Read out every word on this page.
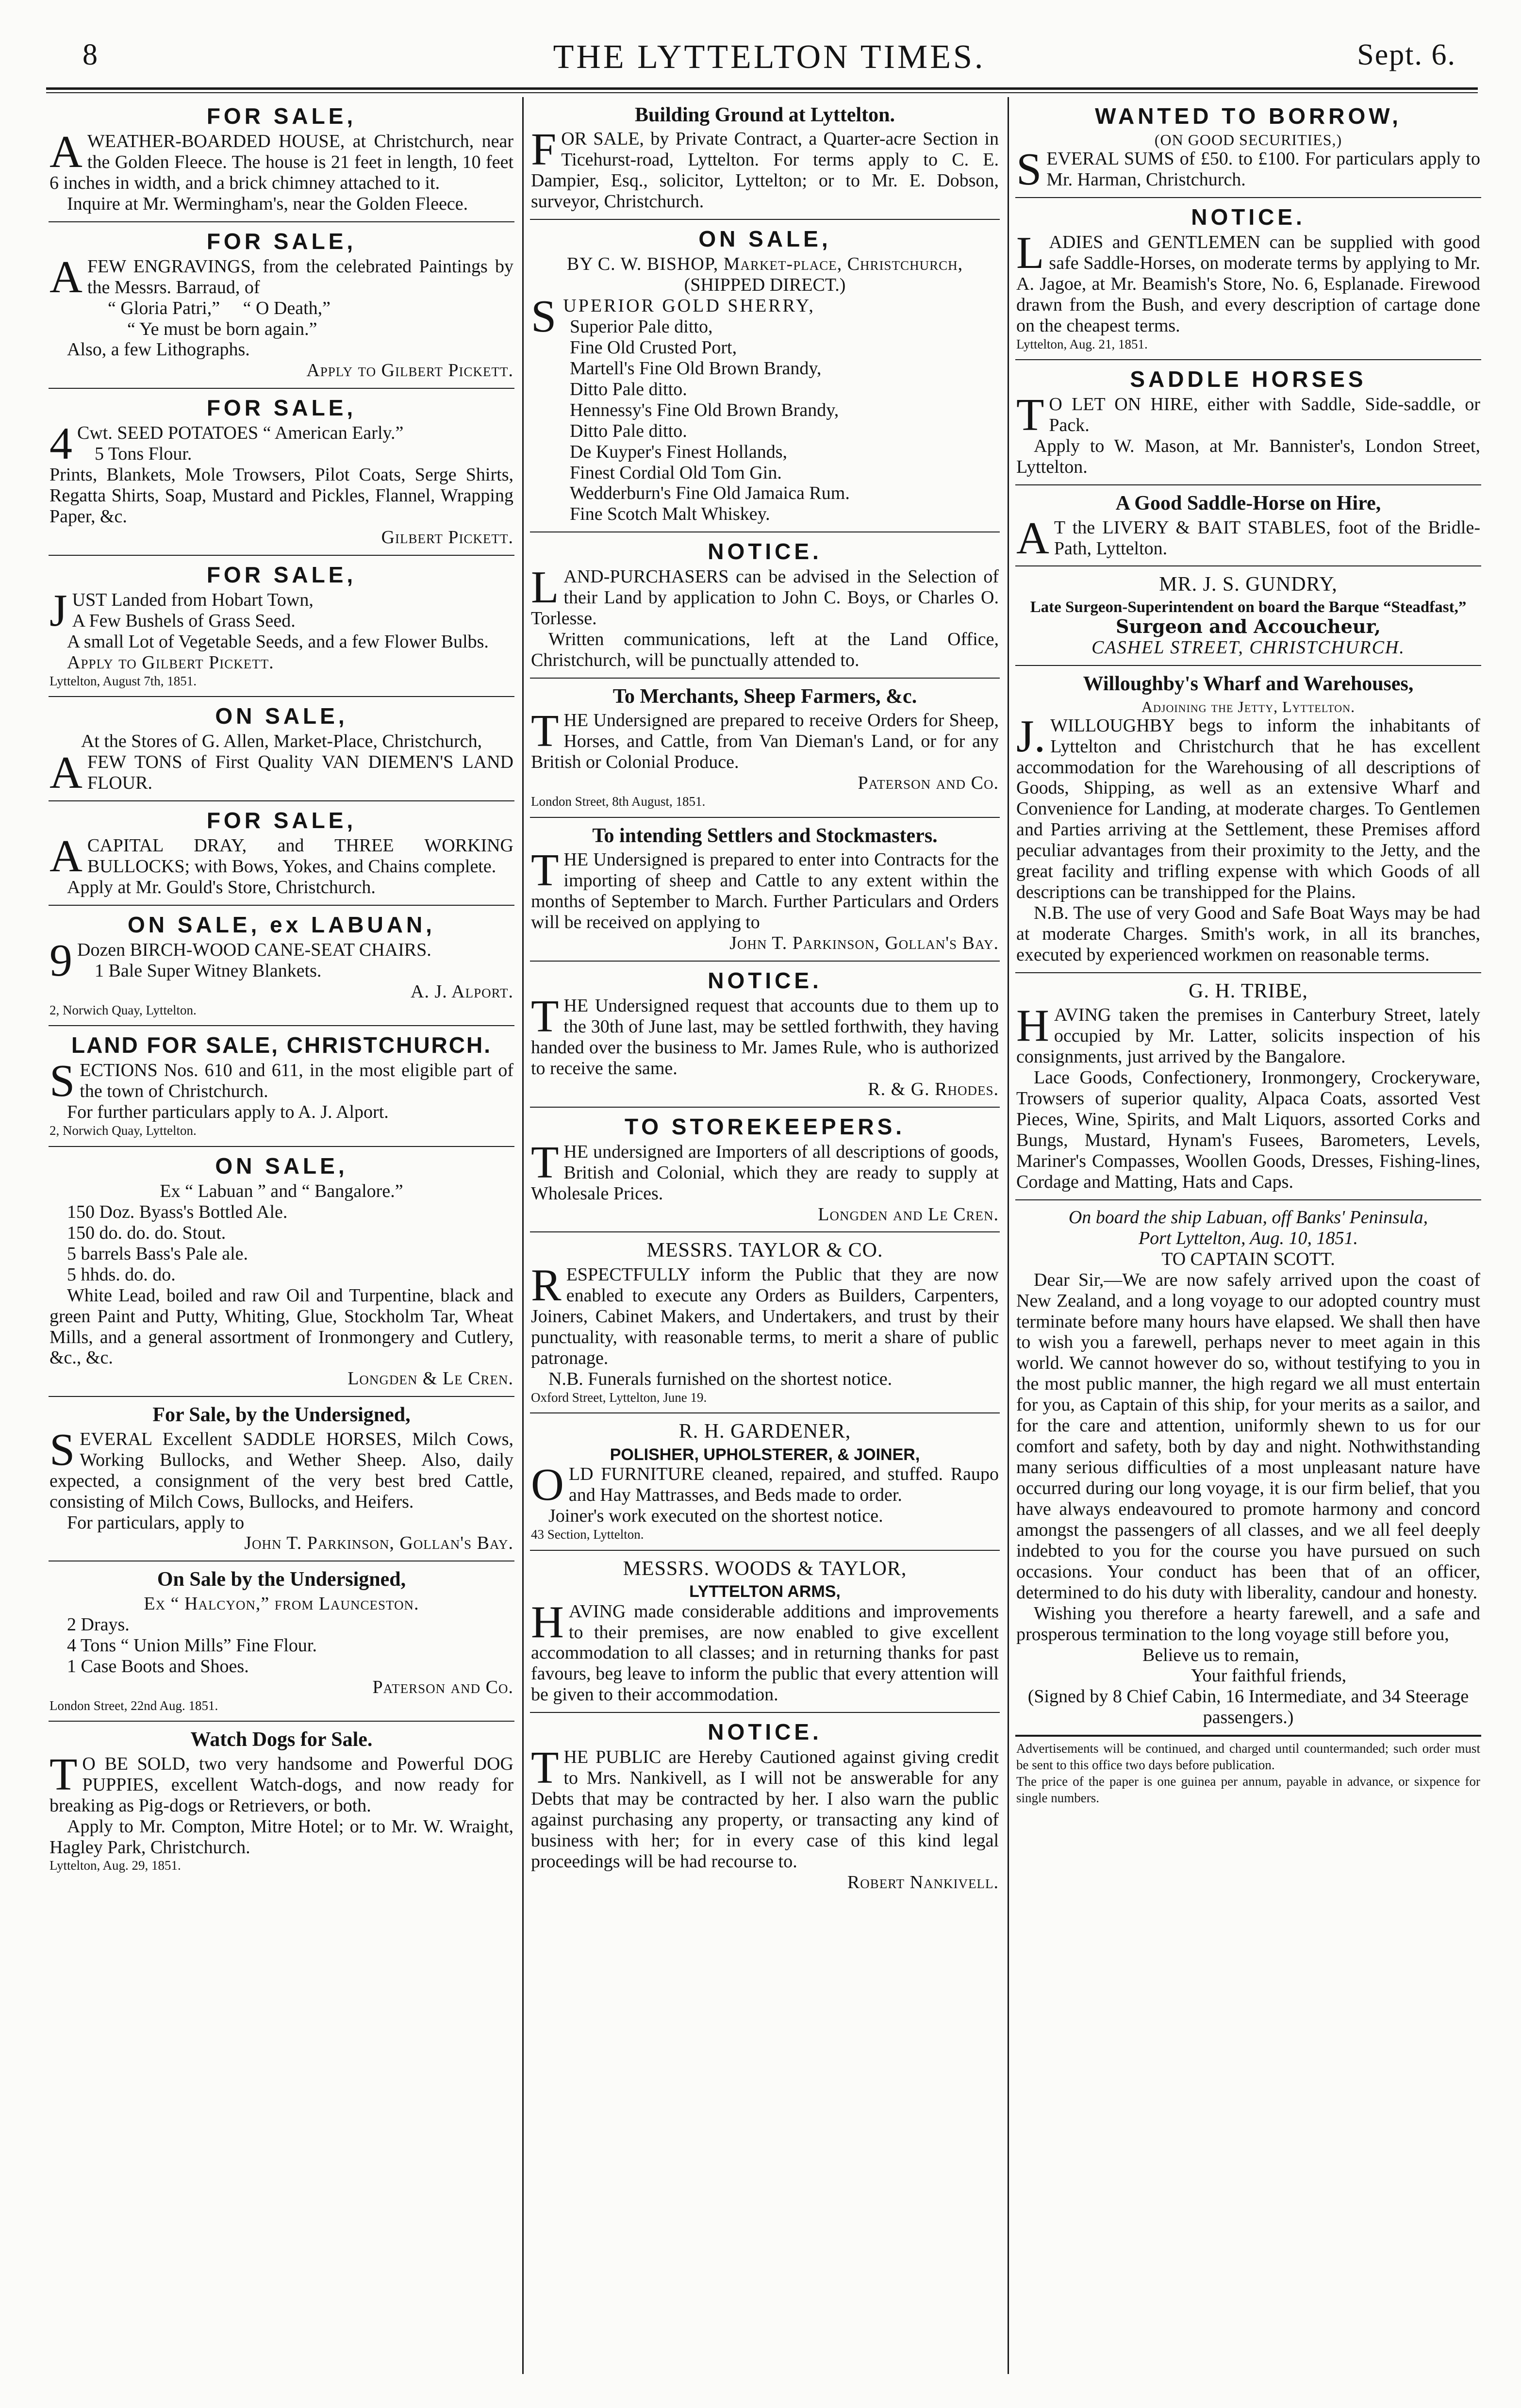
THE LYTTELTON TIMES.
8	Sept. 6.
FOR SALE,

AWEATHER-BOARDED HOUSE, at Christchurch, near the Golden Fleece. The house is 21 feet in length, 10 feet 6 inches in width, and a brick chimney attached to it.

Inquire at Mr. Wermingham's, near the Golden Fleece.

FOR SALE,

AFEW ENGRAVINGS, from the celebrated Paintings by the Messrs. Barraud, of

“ Gloria Patri,” “ O Death,”

“ Ye must be born again.”

Also, a few Lithographs.

Apply to Gilbert Pickett.

FOR SALE,

4 Cwt. SEED POTATOES “ American Early.”

5 Tons Flour.

Prints, Blankets, Mole Trowsers, Pilot Coats, Serge Shirts, Regatta Shirts, Soap, Mustard and Pickles, Flannel, Wrapping Paper, &c.

Gilbert Pickett.

FOR SALE,

JUST Landed from Hobart Town,

A Few Bushels of Grass Seed.

A small Lot of Vegetable Seeds, and a few Flower Bulbs.

Apply to Gilbert Pickett.

Lyttelton, August 7th, 1851.

ON SALE,

At the Stores of G. Allen, Market-Place, Christchurch,

AFEW TONS of First Quality VAN DIEMEN'S LAND FLOUR.

FOR SALE,

ACAPITAL DRAY, and THREE WORKING BULLOCKS; with Bows, Yokes, and Chains complete.

Apply at Mr. Gould's Store, Christchurch.

ON SALE, ex LABUAN,

9 Dozen BIRCH-WOOD CANE-SEAT CHAIRS.

1 Bale Super Witney Blankets.

A. J. Alport.

2, Norwich Quay, Lyttelton.

LAND FOR SALE, CHRISTCHURCH.

SECTIONS Nos. 610 and 611, in the most eligible part of the town of Christchurch.

For further particulars apply to A. J. Alport.

2, Norwich Quay, Lyttelton.

ON SALE,

Ex “ Labuan ” and “ Bangalore.”

150 Doz. Byass's Bottled Ale.
150 do. do. do. Stout.
5 barrels Bass's Pale ale.
5 hhds. do. do.

White Lead, boiled and raw Oil and Turpentine, black and green Paint and Putty, Whiting, Glue, Stockholm Tar, Wheat Mills, and a general assortment of Ironmongery and Cutlery, &c., &c.

Longden & Le Cren.

For Sale, by the Undersigned,

SEVERAL Excellent SADDLE HORSES, Milch Cows, Working Bullocks, and Wether Sheep. Also, daily expected, a consignment of the very best bred Cattle, consisting of Milch Cows, Bullocks, and Heifers.

For particulars, apply to

John T. Parkinson, Gollan's Bay.

On Sale by the Undersigned,

Ex “ Halcyon,” from Launceston.

2 Drays.
4 Tons “ Union Mills” Fine Flour.
1 Case Boots and Shoes.

Paterson and Co.

London Street, 22nd Aug. 1851.

Watch Dogs for Sale.

T O BE SOLD, two very handsome and Powerful DOG PUPPIES, excellent Watch-dogs, and now ready for breaking as Pig-dogs or Retrievers, or both.

Apply to Mr. Compton, Mitre Hotel; or to Mr. W. Wraight, Hagley Park, Christchurch.

Lyttelton, Aug. 29, 1851.

Building Ground at Lyttelton.

FOR SALE, by Private Contract, a Quarter-acre Section in Ticehurst-road, Lyttelton. For terms apply to C. E. Dampier, Esq., solicitor, Lyttelton; or to Mr. E. Dobson, surveyor, Christchurch.

ON SALE,

BY C. W. BISHOP, Market-place, Christchurch,

(SHIPPED DIRECT.)

SUPERIOR GOLD SHERRY,

Superior Pale ditto,
Fine Old Crusted Port,
Martell's Fine Old Brown Brandy,
Ditto Pale ditto.
Hennessy's Fine Old Brown Brandy,
Ditto Pale ditto.
De Kuyper's Finest Hollands,
Finest Cordial Old Tom Gin.
Wedderburn's Fine Old Jamaica Rum.
Fine Scotch Malt Whiskey.
NOTICE.

LAND-PURCHASERS can be advised in the Selection of their Land by application to John C. Boys, or Charles O. Torlesse.

Written communications, left at the Land Office, Christchurch, will be punctually attended to.

To Merchants, Sheep Farmers, &c.

THE Undersigned are prepared to receive Orders for Sheep, Horses, and Cattle, from Van Dieman's Land, or for any British or Colonial Produce.

Paterson and Co.

London Street, 8th August, 1851.

To intending Settlers and Stockmasters.

THE Undersigned is prepared to enter into Contracts for the importing of sheep and Cattle to any extent within the months of September to March. Further Particulars and Orders will be received on applying to

John T. Parkinson, Gollan's Bay.

NOTICE.

THE Undersigned request that accounts due to them up to the 30th of June last, may be settled forthwith, they having handed over the business to Mr. James Rule, who is authorized to receive the same.

R. & G. Rhodes.

TO STOREKEEPERS.

THE undersigned are Importers of all descriptions of goods, British and Colonial, which they are ready to supply at Wholesale Prices.

Longden and Le Cren.

MESSRS. TAYLOR & CO.

RESPECTFULLY inform the Public that they are now enabled to execute any Orders as Builders, Carpenters, Joiners, Cabinet Makers, and Undertakers, and trust by their punctuality, with reasonable terms, to merit a share of public patronage.

N.B. Funerals furnished on the shortest notice.

Oxford Street, Lyttelton, June 19.

R. H. GARDENER,

POLISHER, UPHOLSTERER, & JOINER,

OLD FURNITURE cleaned, repaired, and stuffed. Raupo and Hay Mattrasses, and Beds made to order.

Joiner's work executed on the shortest notice.

43 Section, Lyttelton.

MESSRS. WOODS & TAYLOR,

LYTTELTON ARMS,

HAVING made considerable additions and improvements to their premises, are now enabled to give excellent accommodation to all classes; and in returning thanks for past favours, beg leave to inform the public that every attention will be given to their accommodation.

NOTICE.

THE PUBLIC are Hereby Cautioned against giving credit to Mrs. Nankivell, as I will not be answerable for any Debts that may be contracted by her. I also warn the public against purchasing any property, or transacting any kind of business with her; for in every case of this kind legal proceedings will be had recourse to.

Robert Nankivell.

WANTED TO BORROW,

(ON GOOD SECURITIES,)

SEVERAL SUMS of £50. to £100. For particulars apply to Mr. Harman, Christchurch.

NOTICE.

LADIES and GENTLEMEN can be supplied with good safe Saddle-Horses, on moderate terms by applying to Mr. A. Jagoe, at Mr. Beamish's Store, No. 6, Esplanade. Firewood drawn from the Bush, and every description of cartage done on the cheapest terms.

Lyttelton, Aug. 21, 1851.

SADDLE HORSES

T O LET ON HIRE, either with Saddle, Side-saddle, or Pack.

Apply to W. Mason, at Mr. Bannister's, London Street, Lyttelton.

A Good Saddle-Horse on Hire,

A T the LIVERY & BAIT STABLES, foot of the Bridle-Path, Lyttelton.

MR. J. S. GUNDRY,

Late Surgeon-Superintendent on board the Barque “Steadfast,”

Surgeon and Accoucheur,

CASHEL STREET, CHRISTCHURCH.

Willoughby's Wharf and Warehouses,

Adjoining the Jetty, Lyttelton.

J. WILLOUGHBY begs to inform the inhabitants of Lyttelton and Christchurch that he has excellent accommodation for the Warehousing of all descriptions of Goods, Shipping, as well as an extensive Wharf and Convenience for Landing, at moderate charges. To Gentlemen and Parties arriving at the Settlement, these Premises afford peculiar advantages from their proximity to the Jetty, and the great facility and trifling expense with which Goods of all descriptions can be transhipped for the Plains.

N.B. The use of very Good and Safe Boat Ways may be had at moderate Charges. Smith's work, in all its branches, executed by experienced workmen on reasonable terms.

G. H. TRIBE,

HAVING taken the premises in Canterbury Street, lately occupied by Mr. Latter, solicits inspection of his consignments, just arrived by the Bangalore.

Lace Goods, Confectionery, Ironmongery, Crockeryware, Trowsers of superior quality, Alpaca Coats, assorted Vest Pieces, Wine, Spirits, and Malt Liquors, assorted Corks and Bungs, Mustard, Hynam's Fusees, Barometers, Levels, Mariner's Compasses, Woollen Goods, Dresses, Fishing-lines, Cordage and Matting, Hats and Caps.

On board the ship Labuan, off Banks' Peninsula,

Port Lyttelton, Aug. 10, 1851.

TO CAPTAIN SCOTT.

Dear Sir,—We are now safely arrived upon the coast of New Zealand, and a long voyage to our adopted country must terminate before many hours have elapsed. We shall then have to wish you a farewell, perhaps never to meet again in this world. We cannot however do so, without testifying to you in the most public manner, the high regard we all must entertain for you, as Captain of this ship, for your merits as a sailor, and for the care and attention, uniformly shewn to us for our comfort and safety, both by day and night. Nothwithstanding many serious difficulties of a most unpleasant nature have occurred during our long voyage, it is our firm belief, that you have always endeavoured to promote harmony and concord amongst the passengers of all classes, and we all feel deeply indebted to you for the course you have pursued on such occasions. Your conduct has been that of an officer, determined to do his duty with liberality, candour and honesty.

Wishing you therefore a hearty farewell, and a safe and prosperous termination to the long voyage still before you,

Believe us to remain,

Your faithful friends,

(Signed by 8 Chief Cabin, 16 Intermediate, and 34 Steerage passengers.)

Advertisements will be continued, and charged until countermanded; such order must be sent to this office two days before publication.

The price of the paper is one guinea per annum, payable in advance, or sixpence for single numbers.
